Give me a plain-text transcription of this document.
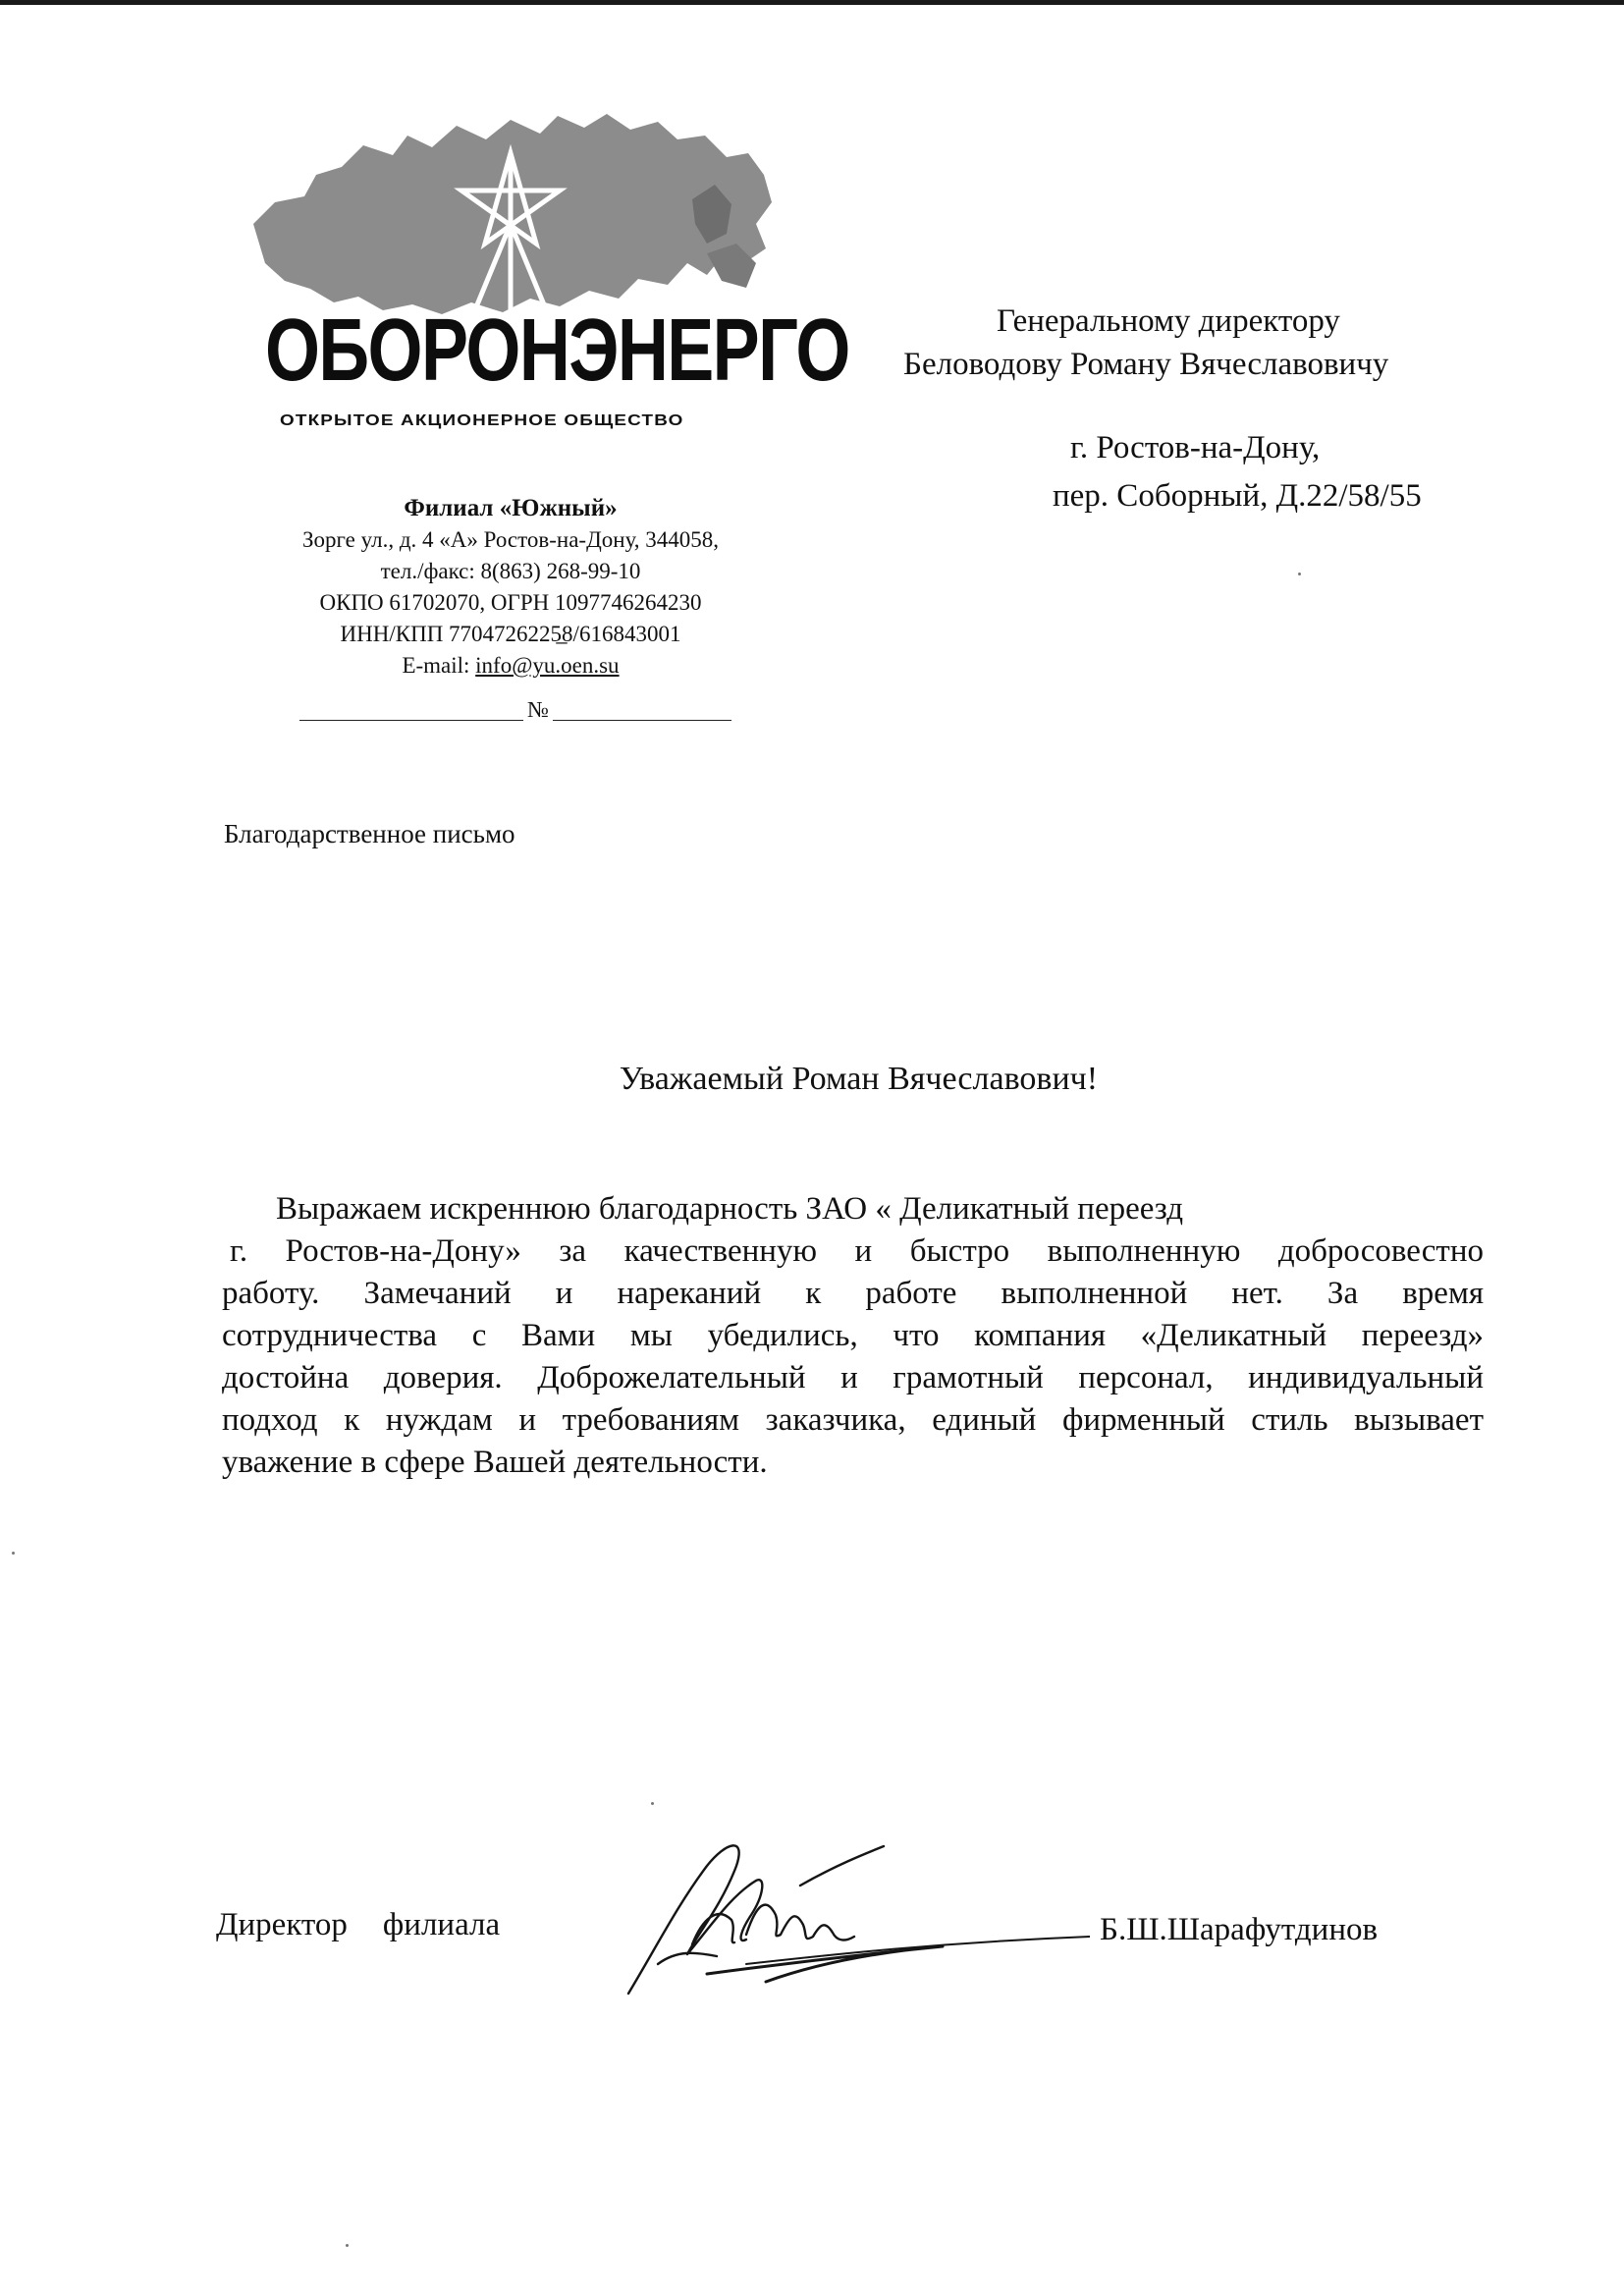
ОБОРОНЭНЕРГО
ОТКРЫТОЕ АКЦИОНЕРНОЕ ОБЩЕСТВО
Филиал «Южный»
Зорге ул., д. 4 «А» Ростов-на-Дону, 344058,
тел./факс: 8(863) 268-99-10
ОКПО 61702070, ОГРН 1097746264230
ИНН/КПП 7704726225̲8/616843001
E-mail: info@yu.oen.su
№
Генеральному директору
Беловодову Роману Вячеславовичу
г. Ростов-на-Дону,
пер. Соборный, Д.22/58/55
Благодарственное письмо
Уважаемый Роман Вячеславович!
Выражаем искреннюю благодарность ЗАО « Деликатный переезд
г. Ростов-на-Дону» за качественную и быстро выполненную добросовестно
работу. Замечаний и нареканий к работе выполненной нет. За время
сотрудничества с Вами мы убедились, что компания «Деликатный переезд»
достойна доверия. Доброжелательный и грамотный персонал, индивидуальный
подход к нуждам и требованиям заказчика, единый фирменный стиль вызывает
уважение в сфере Вашей деятельности.
Директор филиала	Б.Ш.Шарафутдинов
